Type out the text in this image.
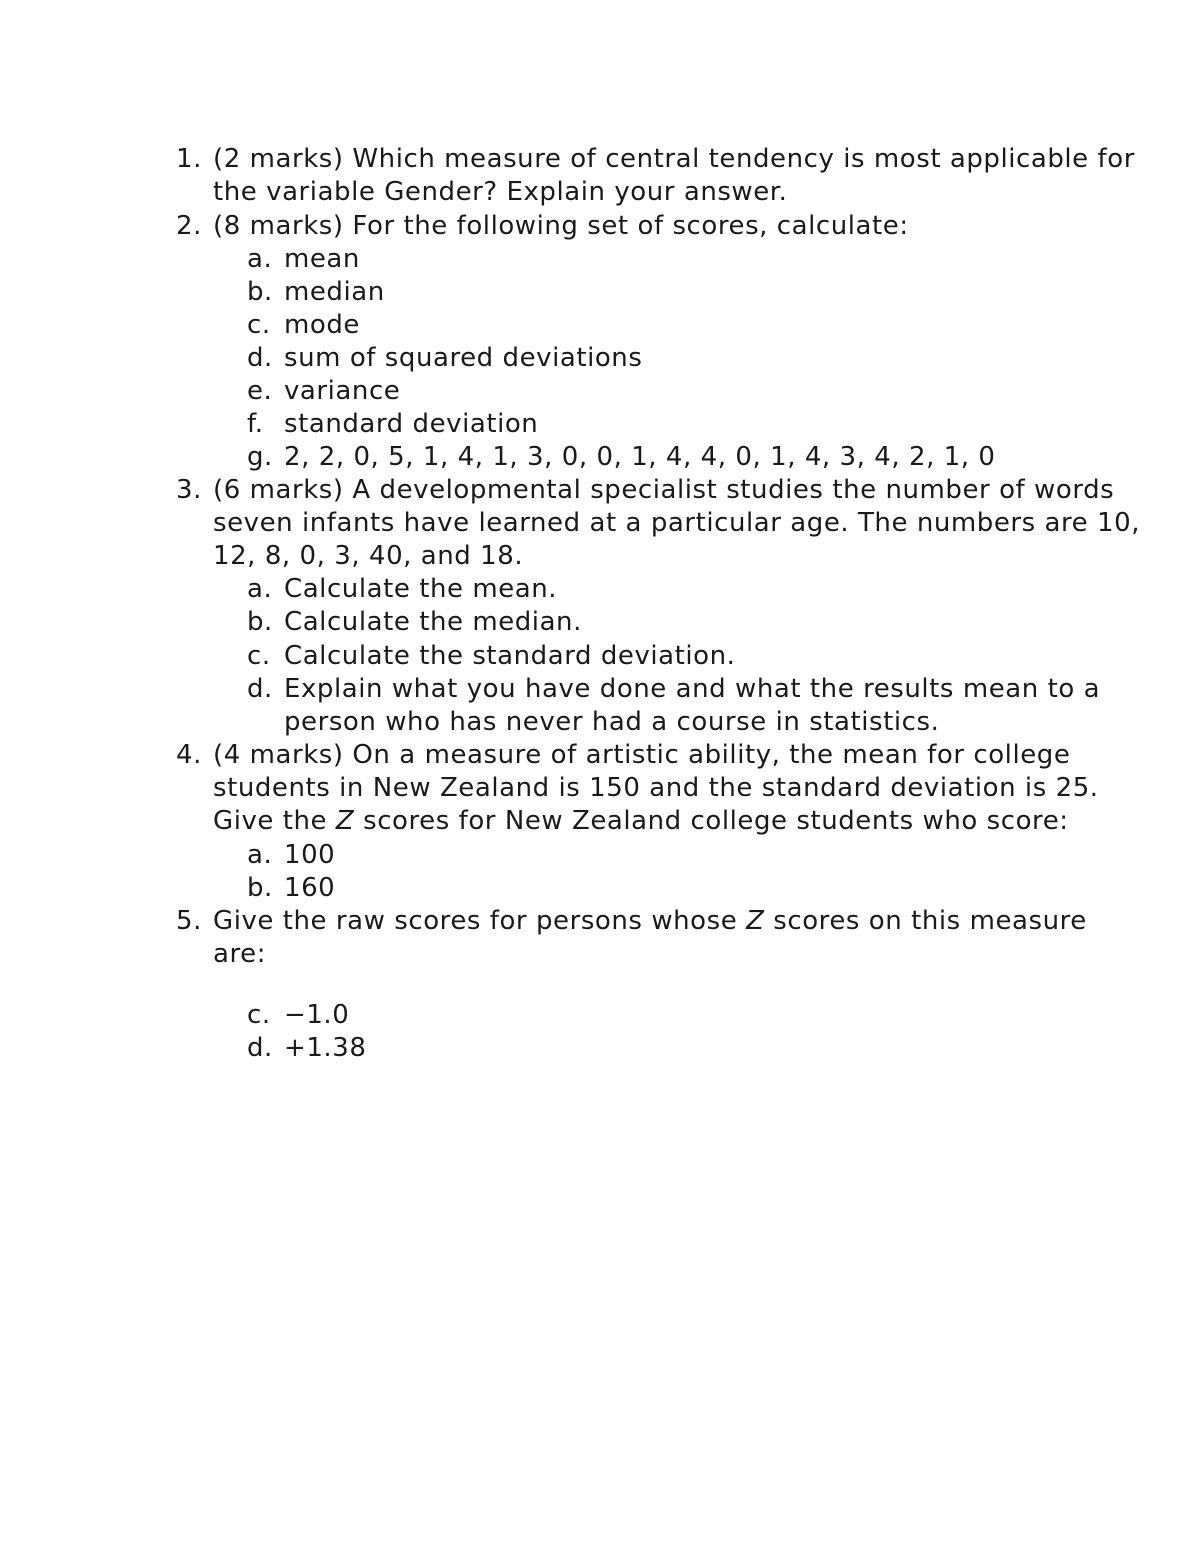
1. (2 marks) Which measure of central tendency is most applicable for
the variable Gender? Explain your answer.
2. (8 marks) For the following set of scores, calculate:
a. mean
b. median
c. mode
d. sum of squared deviations
e. variance
f. standard deviation
g. 2, 2, 0, 5, 1, 4, 1, 3, 0, 0, 1, 4, 4, 0, 1, 4, 3, 4, 2, 1, 0
3. (6 marks) A developmental specialist studies the number of words
seven infants have learned at a particular age. The numbers are 10,
12, 8, 0, 3, 40, and 18.
a. Calculate the mean.
b. Calculate the median.
c. Calculate the standard deviation.
d. Explain what you have done and what the results mean to a
person who has never had a course in statistics.
4. (4 marks) On a measure of artistic ability, the mean for college
students in New Zealand is 150 and the standard deviation is 25.
Give the Z scores for New Zealand college students who score:
a. 100
b. 160
5. Give the raw scores for persons whose Z scores on this measure
are:
c. −1.0
d. +1.38
